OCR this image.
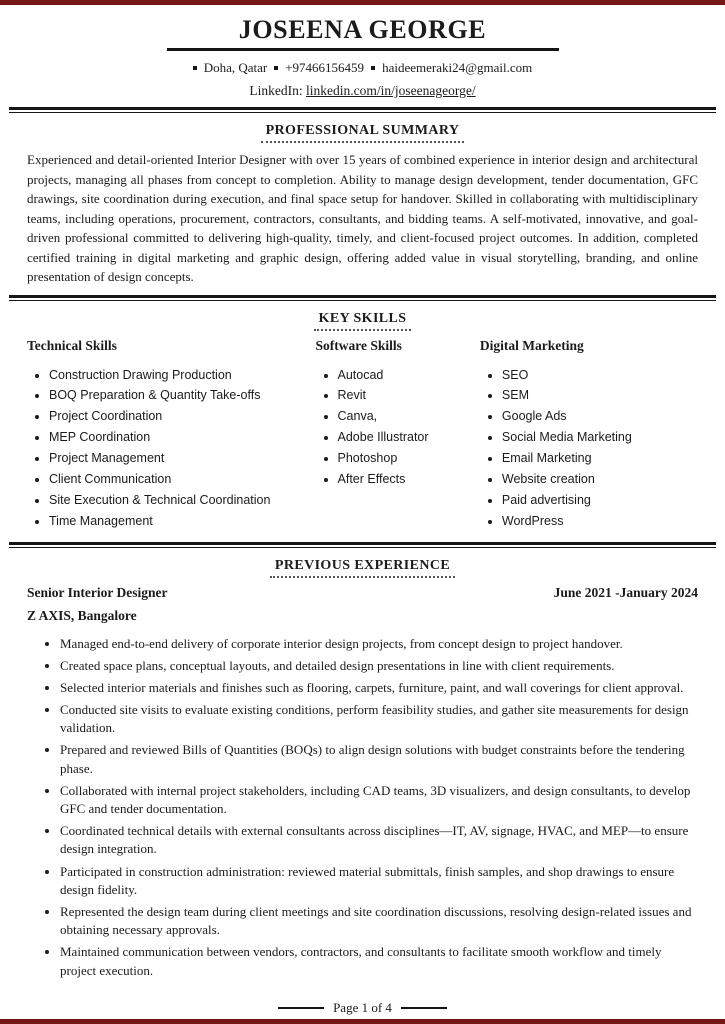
JOSEENA GEORGE
Doha, Qatar +97466156459 haideemeraki24@gmail.com
LinkedIn: linkedin.com/in/joseenageorge/
PROFESSIONAL SUMMARY

Experienced and detail-oriented Interior Designer with over 15 years of combined experience in interior design and architectural projects, managing all phases from concept to completion. Ability to manage design development, tender documentation, GFC drawings, site coordination during execution, and final space setup for handover. Skilled in collaborating with multidisciplinary teams, including operations, procurement, contractors, consultants, and bidding teams. A self-motivated, innovative, and goal-driven professional committed to delivering high-quality, timely, and client-focused project outcomes. In addition, completed certified training in digital marketing and graphic design, offering added value in visual storytelling, branding, and online presentation of design concepts.

KEY SKILLS
Technical Skills
• Construction Drawing Production
• BOQ Preparation & Quantity Take-offs
• Project Coordination
• MEP Coordination
• Project Management
• Client Communication
• Site Execution & Technical Coordination
• Time Management
Software Skills
• Autocad
• Revit
• Canva,
• Adobe Illustrator
• Photoshop
• After Effects
Digital Marketing
• SEO
• SEM
• Google Ads
• Social Media Marketing
• Email Marketing
• Website creation
• Paid advertising
• WordPress
PREVIOUS EXPERIENCE
Senior Interior Designer	June 2021 -January 2024
Z AXIS, Bangalore
• Managed end-to-end delivery of corporate interior design projects, from concept design to project handover.
• Created space plans, conceptual layouts, and detailed design presentations in line with client requirements.
• Selected interior materials and finishes such as flooring, carpets, furniture, paint, and wall coverings for client approval.
• Conducted site visits to evaluate existing conditions, perform feasibility studies, and gather site measurements for design validation.
• Prepared and reviewed Bills of Quantities (BOQs) to align design solutions with budget constraints before the tendering phase.
• Collaborated with internal project stakeholders, including CAD teams, 3D visualizers, and design consultants, to develop GFC and tender documentation.
• Coordinated technical details with external consultants across disciplines—IT, AV, signage, HVAC, and MEP—to ensure design integration.
• Participated in construction administration: reviewed material submittals, finish samples, and shop drawings to ensure design fidelity.
• Represented the design team during client meetings and site coordination discussions, resolving design-related issues and obtaining necessary approvals.
• Maintained communication between vendors, contractors, and consultants to facilitate smooth workflow and timely project execution.
Page 1 of 4
